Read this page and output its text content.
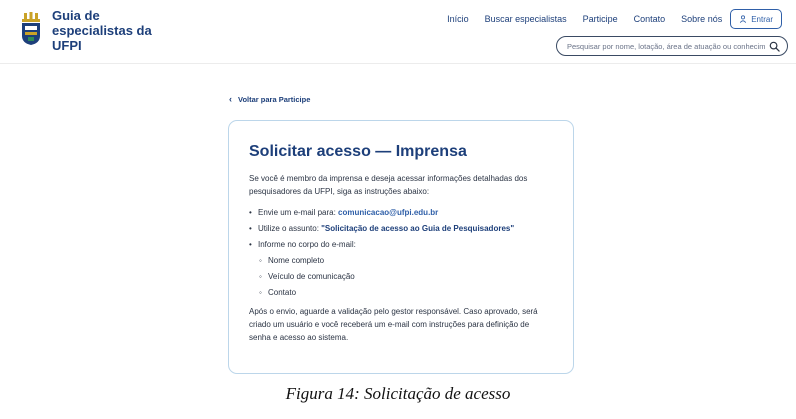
Guia de
especialistas da
UFPI
Início Buscar especialistas Participe Contato Sobre nós	Entrar
Pesquisar por nome, lotação, área de atuação ou conhecimento
‹ Voltar para Participe
Solicitar acesso — Imprensa

Se você é membro da imprensa e deseja acessar informações detalhadas dos pesquisadores da UFPI, siga as instruções abaixo:

• Envie um e-mail para: comunicacao@ufpi.edu.br
• Utilize o assunto: "Solicitação de acesso ao Guia de Pesquisadores"
• Informe no corpo do e-mail:
◦ Nome completo
◦ Veículo de comunicação
◦ Contato

Após o envio, aguarde a validação pelo gestor responsável. Caso aprovado, será criado um usuário e você receberá um e-mail com instruções para definição de senha e acesso ao sistema.

Figura 14: Solicitação de acesso
